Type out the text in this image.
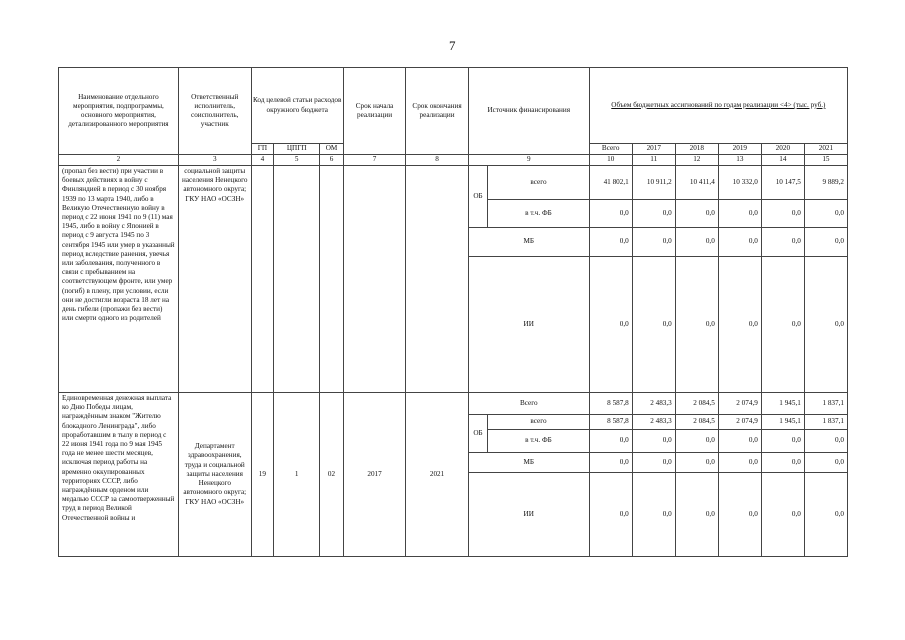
7
Наименование отдельного мероприятия, подпрограммы, основного мероприятия, детализированного мероприятия	Ответственный исполнитель, соисполнитель, участник	Код целевой статьи расходов окружного бюджета			Срок начала реализации	Срок окончания реализации	Источник финансирования		Объем бюджетных ассигнований по годам реализации <4> (тыс. руб.)					
		ГП	ЦПГП	ОМ					Всего	2017	2018	2019	2020	2021
2	3	4	5	6	7	8	9		10	11	12	13	14	15
(пропал без вести) при участии в боевых действиях в войну с Финляндией в период с 30 ноября 1939 по 13 марта 1940, либо в Великую Отечественную войну в период с 22 июня 1941 по 9 (11) мая 1945, либо в войну с Японией в период с 9 августа 1945 по 3 сентября 1945 или умер в указанный период вследствие ранения, увечья или заболевания, полученного в связи с пребыванием на соответствующем фронте, или умер (погиб) в плену, при условии, если они не достигли возраста 18 лет на день гибели (пропажи без вести) или смерти одного из родителей	социальной защиты населения Ненецкого автономного округа; ГКУ НАО «ОСЗН»						ОБ	всего	41 802,1	10 911,2	10 411,4	10 332,0	10 147,5	9 889,2
								в т.ч. ФБ	0,0	0,0	0,0	0,0	0,0	0,0
							МБ		0,0	0,0	0,0	0,0	0,0	0,0
							ИИ		0,0	0,0	0,0	0,0	0,0	0,0
Единовременная денежная выплата ко Дню Победы лицам, награждённым знаком "Жителю блокадного Ленинграда", либо проработавшим в тылу в период с 22 июня 1941 года по 9 мая 1945 года не менее шести месяцев, исключая период работы на временно оккупированных территориях СССР, либо награждённым орденом или медалью СССР за самоотверженный труд в период Великой Отечественной войны и	Департамент здравоохранения, труда и социальной защиты населения Ненецкого автономного округа; ГКУ НАО «ОСЗН»	19	1	02	2017	2021	Всего		8 587,8	2 483,3	2 084,5	2 074,9	1 945,1	1 837,1
							ОБ	всего	8 587,8	2 483,3	2 084,5	2 074,9	1 945,1	1 837,1
								в т.ч. ФБ	0,0	0,0	0,0	0,0	0,0	0,0
							МБ		0,0	0,0	0,0	0,0	0,0	0,0
							ИИ		0,0	0,0	0,0	0,0	0,0	0,0
